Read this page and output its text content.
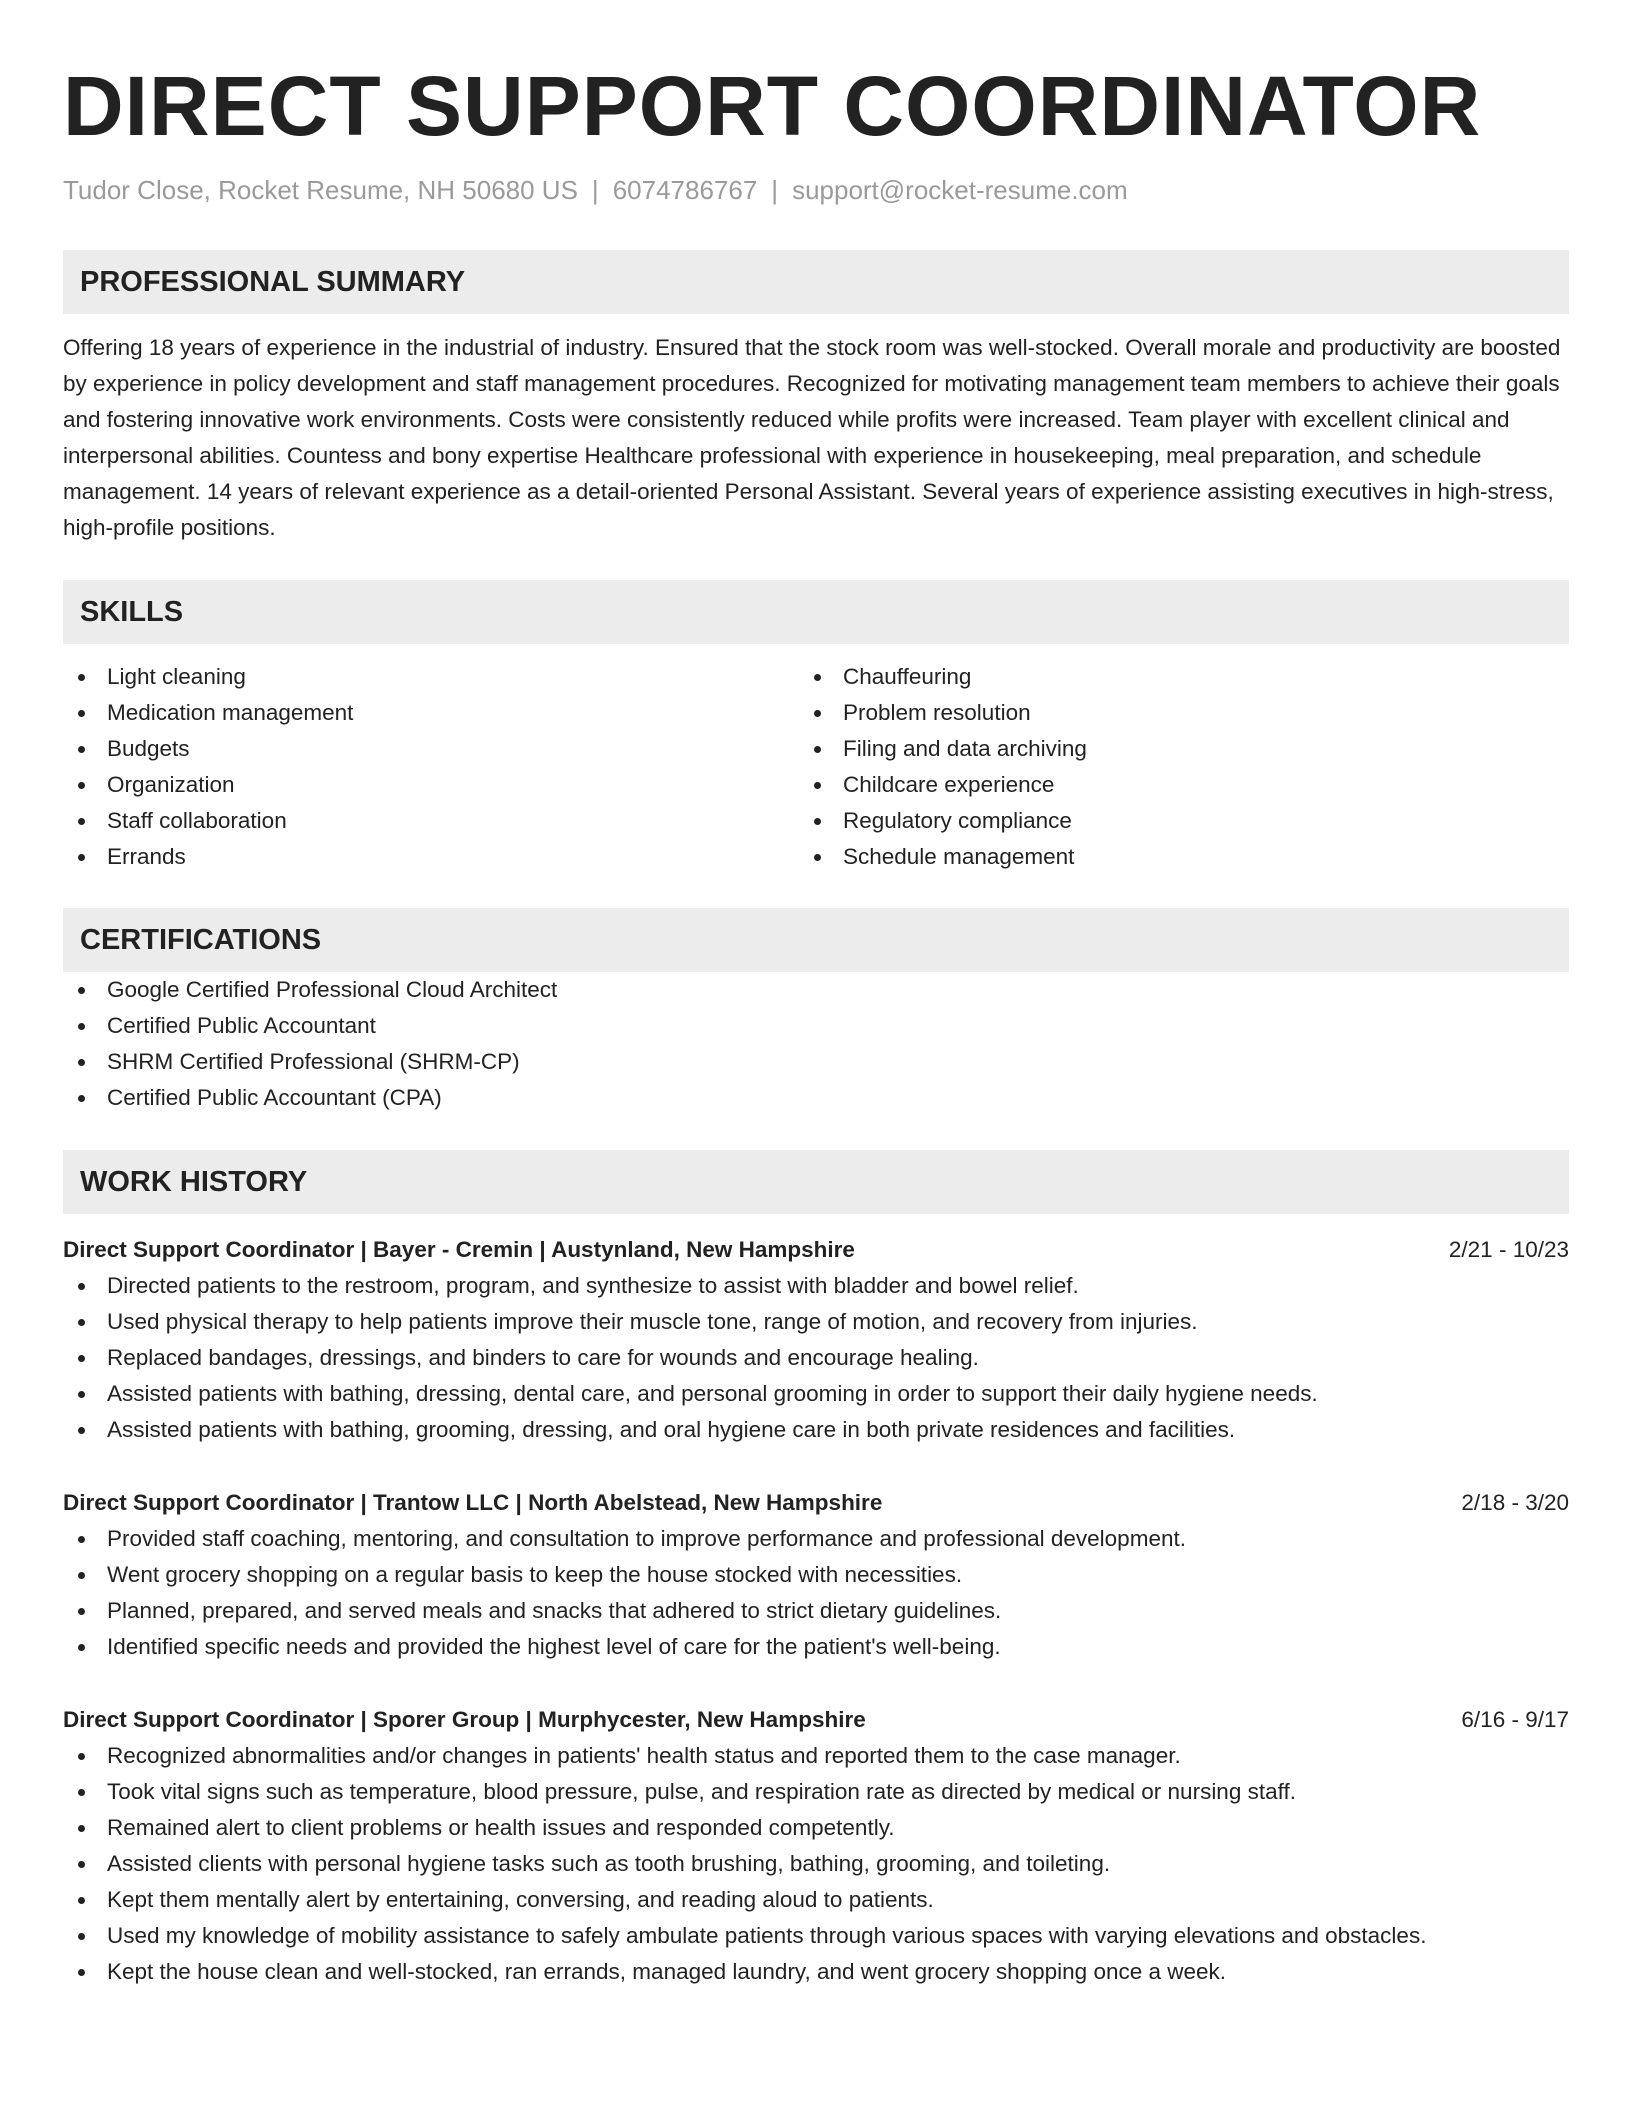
DIRECT SUPPORT COORDINATOR
Tudor Close, Rocket Resume, NH 50680 US | 6074786767 | support@rocket-resume.com
PROFESSIONAL SUMMARY

Offering 18 years of experience in the industrial of industry. Ensured that the stock room was well-stocked. Overall morale and productivity are boosted by experience in policy development and staff management procedures. Recognized for motivating management team members to achieve their goals and fostering innovative work environments. Costs were consistently reduced while profits were increased. Team player with excellent clinical and interpersonal abilities. Countess and bony expertise Healthcare professional with experience in housekeeping, meal preparation, and schedule management. 14 years of relevant experience as a detail-oriented Personal Assistant. Several years of experience assisting executives in high-stress, high-profile positions.

SKILLS
Light cleaning
Medication management
Budgets
Organization
Staff collaboration
Errands
Chauffeuring
Problem resolution
Filing and data archiving
Childcare experience
Regulatory compliance
Schedule management
CERTIFICATIONS
Google Certified Professional Cloud Architect
Certified Public Accountant
SHRM Certified Professional (SHRM-CP)
Certified Public Accountant (CPA)
WORK HISTORY
Direct Support Coordinator | Bayer - Cremin | Austynland, New Hampshire	2/21 - 10/23
Directed patients to the restroom, program, and synthesize to assist with bladder and bowel relief.
Used physical therapy to help patients improve their muscle tone, range of motion, and recovery from injuries.
Replaced bandages, dressings, and binders to care for wounds and encourage healing.
Assisted patients with bathing, dressing, dental care, and personal grooming in order to support their daily hygiene needs.
Assisted patients with bathing, grooming, dressing, and oral hygiene care in both private residences and facilities.
Direct Support Coordinator | Trantow LLC | North Abelstead, New Hampshire	2/18 - 3/20
Provided staff coaching, mentoring, and consultation to improve performance and professional development.
Went grocery shopping on a regular basis to keep the house stocked with necessities.
Planned, prepared, and served meals and snacks that adhered to strict dietary guidelines.
Identified specific needs and provided the highest level of care for the patient's well-being.
Direct Support Coordinator | Sporer Group | Murphycester, New Hampshire	6/16 - 9/17
Recognized abnormalities and/or changes in patients' health status and reported them to the case manager.
Took vital signs such as temperature, blood pressure, pulse, and respiration rate as directed by medical or nursing staff.
Remained alert to client problems or health issues and responded competently.
Assisted clients with personal hygiene tasks such as tooth brushing, bathing, grooming, and toileting.
Kept them mentally alert by entertaining, conversing, and reading aloud to patients.
Used my knowledge of mobility assistance to safely ambulate patients through various spaces with varying elevations and obstacles.
Kept the house clean and well-stocked, ran errands, managed laundry, and went grocery shopping once a week.
